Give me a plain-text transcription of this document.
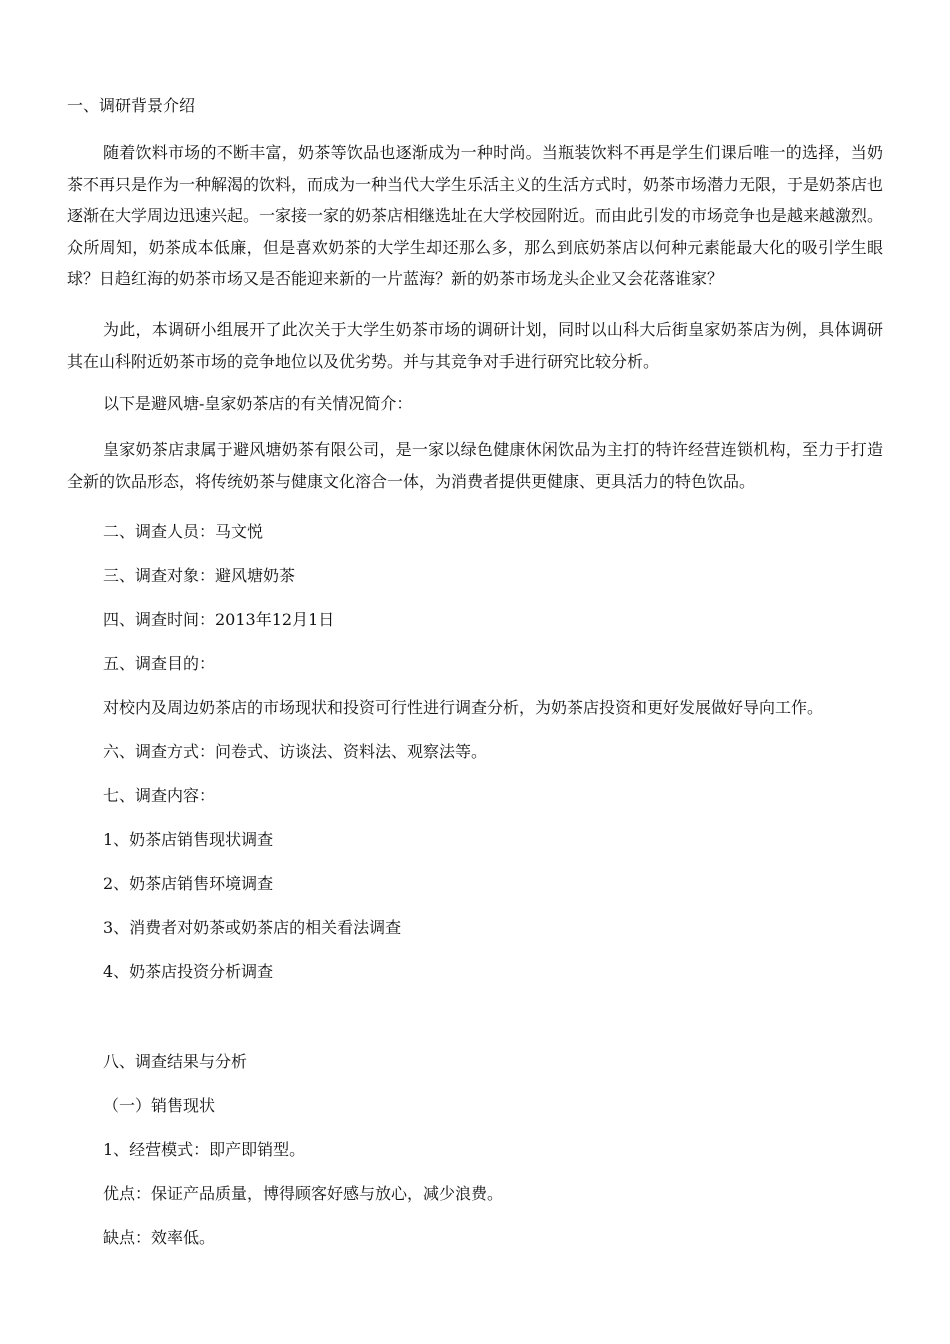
一、调研背景介绍

随着饮料市场的不断丰富，奶茶等饮品也逐渐成为一种时尚。当瓶装饮料不再是学生们课后唯一的选择，当奶茶不再只是作为一种解渴的饮料，而成为一种当代大学生乐活主义的生活方式时，奶茶市场潜力无限，于是奶茶店也逐渐在大学周边迅速兴起。一家接一家的奶茶店相继选址在大学校园附近。而由此引发的市场竞争也是越来越激烈。众所周知，奶茶成本低廉，但是喜欢奶茶的大学生却还那么多，那么到底奶茶店以何种元素能最大化的吸引学生眼球？日趋红海的奶茶市场又是否能迎来新的一片蓝海？新的奶茶市场龙头企业又会花落谁家？

为此，本调研小组展开了此次关于大学生奶茶市场的调研计划，同时以山科大后街皇家奶茶店为例，具体调研其在山科附近奶茶市场的竞争地位以及优劣势。并与其竞争对手进行研究比较分析。

以下是避风塘-皇家奶茶店的有关情况简介：

皇家奶茶店隶属于避风塘奶茶有限公司，是一家以绿色健康休闲饮品为主打的特许经营连锁机构，至力于打造全新的饮品形态，将传统奶茶与健康文化溶合一体，为消费者提供更健康、更具活力的特色饮品。

二、调查人员：马文悦

三、调查对象：避风塘奶茶

四、调查时间：2013年12月1日

五、调查目的：

对校内及周边奶茶店的市场现状和投资可行性进行调查分析，为奶茶店投资和更好发展做好导向工作。

六、调查方式：问卷式、访谈法、资料法、观察法等。

七、调查内容：

1、奶茶店销售现状调查

2、奶茶店销售环境调查

3、消费者对奶茶或奶茶店的相关看法调查

4、奶茶店投资分析调查

八、调查结果与分析

（一）销售现状

1、经营模式：即产即销型。

优点：保证产品质量，博得顾客好感与放心，减少浪费。

缺点：效率低。
